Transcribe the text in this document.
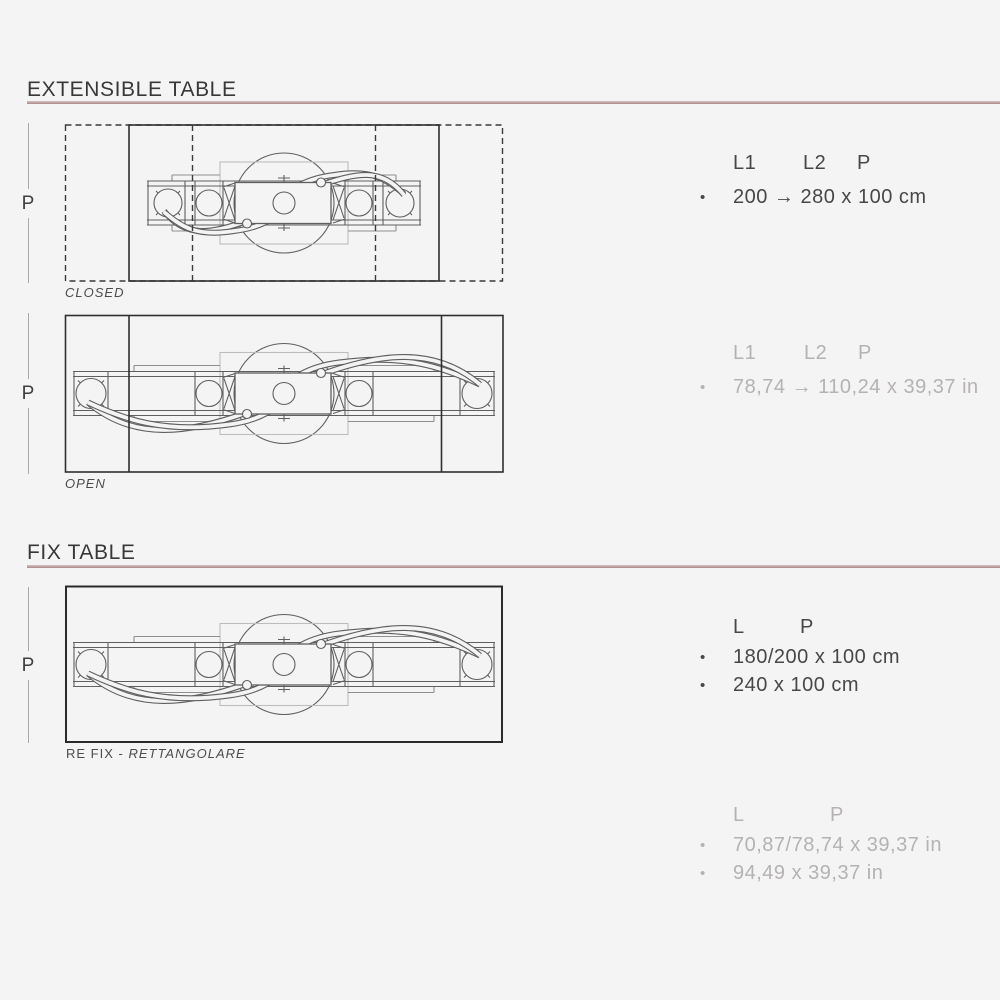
EXTENSIBLE TABLE
P
CLOSED
L1 L2 P
• 200 → 280 x 100 cm
P
OPEN
L1 L2 P
• 78,74 → 110,24 x 39,37 in
FIX TABLE
P
RE FIX - RETTANGOLARE
L	P
• 180/200 x 100 cm
• 240 x 100 cm
L	P
• 70,87/78,74 x 39,37 in
• 94,49 x 39,37 in
